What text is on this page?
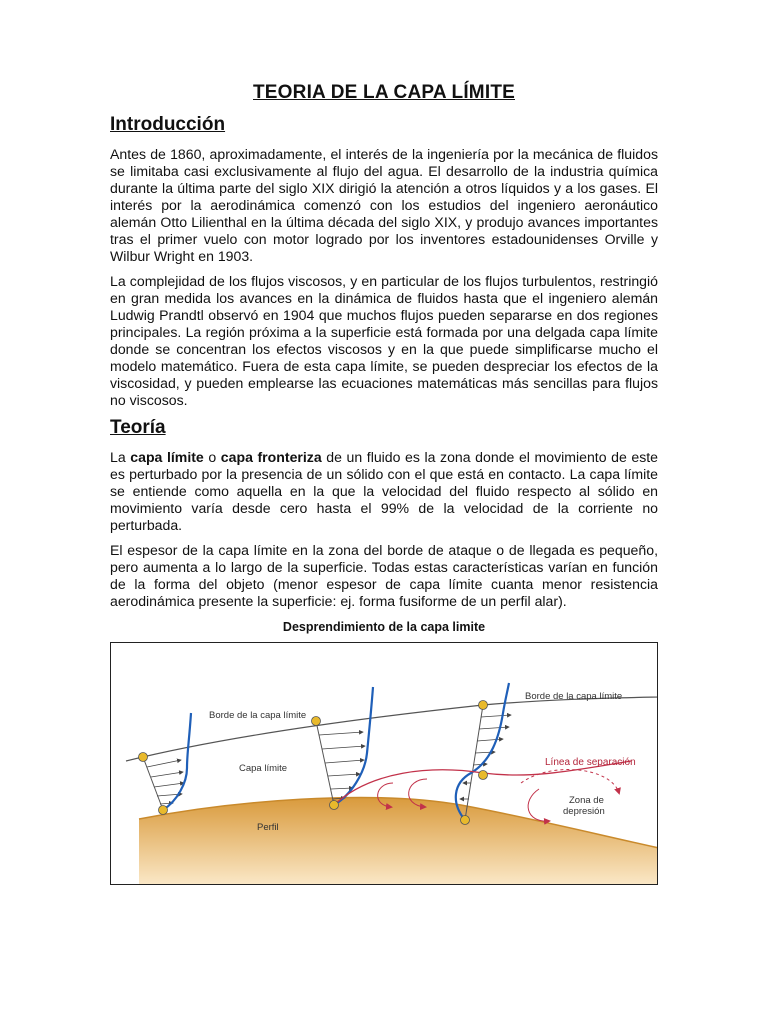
TEORIA DE LA CAPA LÍMITE
Introducción

Antes de 1860, aproximadamente, el interés de la ingeniería por la mecánica de fluidos se limitaba casi exclusivamente al flujo del agua. El desarrollo de la industria química durante la última parte del siglo XIX dirigió la atención a otros líquidos y a los gases. El interés por la aerodinámica comenzó con los estudios del ingeniero aeronáutico alemán Otto Lilienthal en la última década del siglo XIX, y produjo avances importantes tras el primer vuelo con motor logrado por los inventores estadounidenses Orville y Wilbur Wright en 1903.

La complejidad de los flujos viscosos, y en particular de los flujos turbulentos, restringió en gran medida los avances en la dinámica de fluidos hasta que el ingeniero alemán Ludwig Prandtl observó en 1904 que muchos flujos pueden separarse en dos regiones principales. La región próxima a la superficie está formada por una delgada capa límite donde se concentran los efectos viscosos y en la que puede simplificarse mucho el modelo matemático. Fuera de esta capa límite, se pueden despreciar los efectos de la viscosidad, y pueden emplearse las ecuaciones matemáticas más sencillas para flujos no viscosos.

Teoría

La capa límite o capa fronteriza de un fluido es la zona donde el movimiento de este es perturbado por la presencia de un sólido con el que está en contacto. La capa límite se entiende como aquella en la que la velocidad del fluido respecto al sólido en movimiento varía desde cero hasta el 99% de la velocidad de la corriente no perturbada.

El espesor de la capa límite en la zona del borde de ataque o de llegada es pequeño, pero aumenta a lo largo de la superficie. Todas estas características varían en función de la forma del objeto (menor espesor de capa límite cuanta menor resistencia aerodinámica presente la superficie: ej. forma fusiforme de un perfil alar).

Desprendimiento de la capa limite
Borde de la capa límite
Borde de la capa límite
Capa límite
Línea de separación
Zona de
depresión
Perfil
